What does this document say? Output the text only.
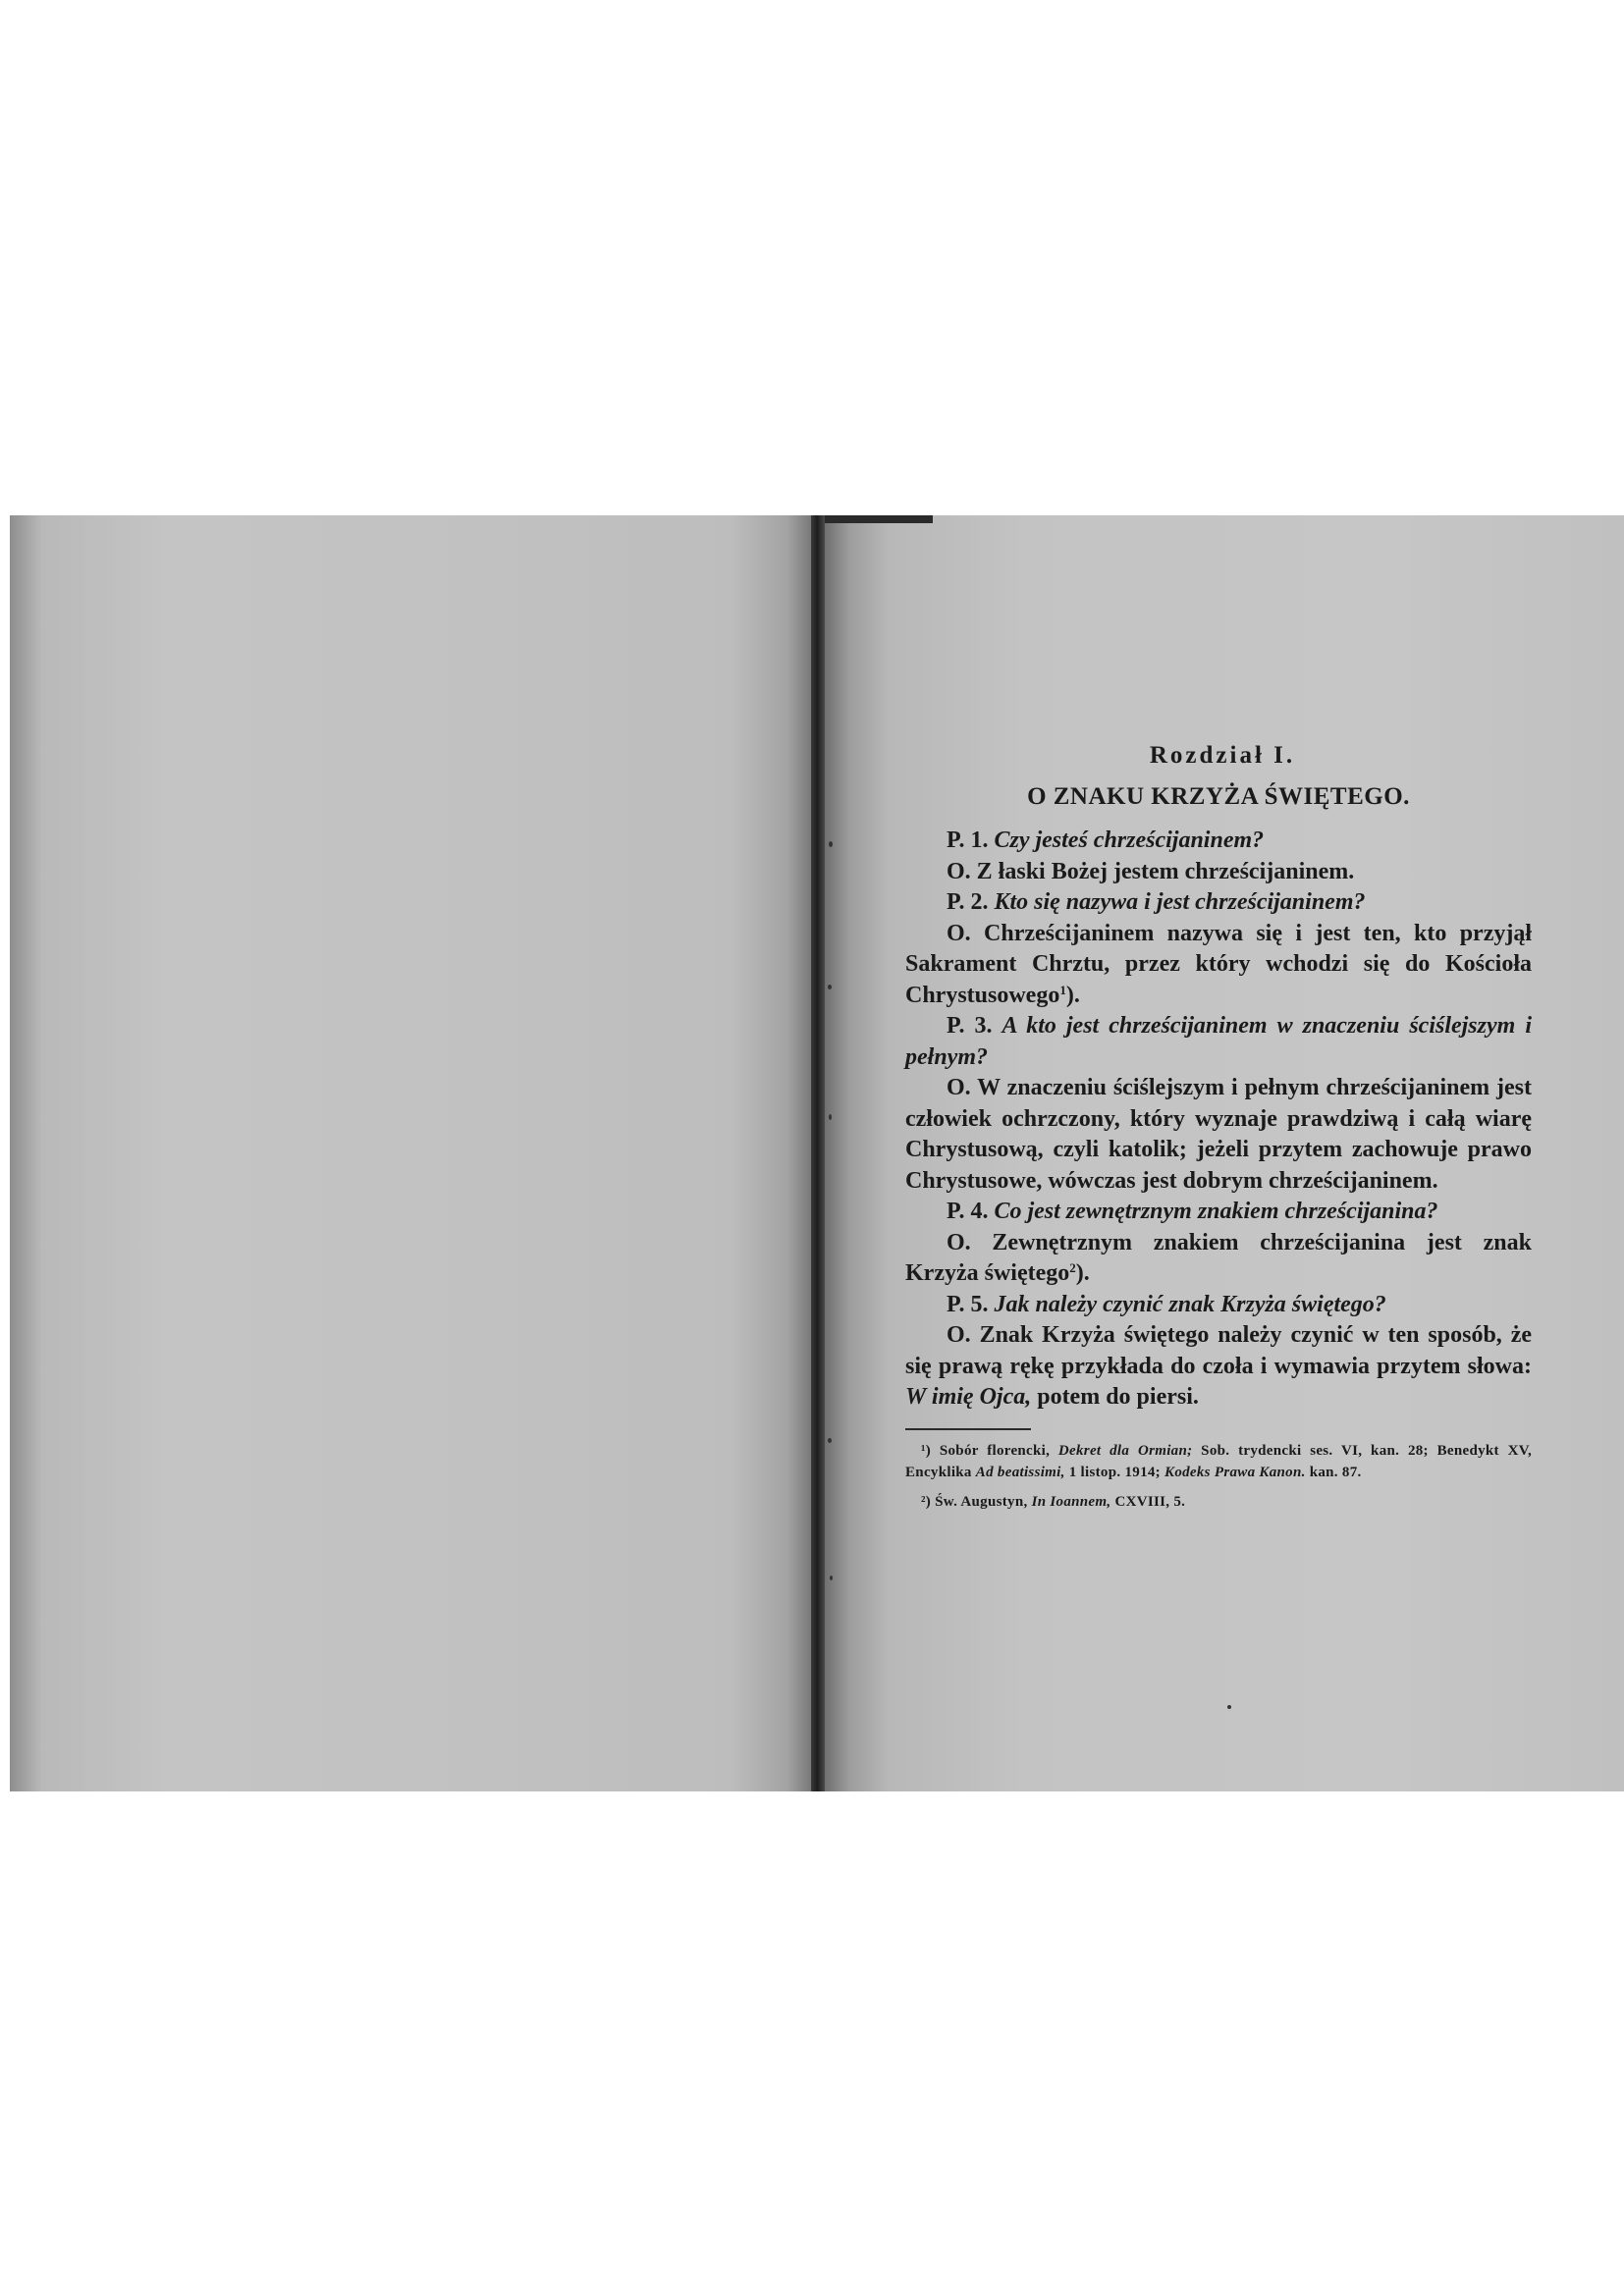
Rozdział I.
O ZNAKU KRZYŻA ŚWIĘTEGO.

P. 1. Czy jesteś chrześcijaninem?

O. Z łaski Bożej jestem chrześcijaninem.

P. 2. Kto się nazywa i jest chrześcijaninem?

O. Chrześcijaninem nazywa się i jest ten, kto przyjął Sakrament Chrztu, przez który wchodzi się do Kościoła Chrystusowego$^1$).

P. 3. A kto jest chrześcijaninem w znaczeniu ściślejszym i pełnym?

O. W znaczeniu ściślejszym i pełnym chrześcijaninem jest człowiek ochrzczony, który wyznaje prawdziwą i całą wiarę Chrystusową, czyli katolik; jeżeli przytem zachowuje prawo Chrystusowe, wówczas jest dobrym chrześcijaninem.

P. 4. Co jest zewnętrznym znakiem chrześcijanina?

O. Zewnętrznym znakiem chrześcijanina jest znak Krzyża świętego$^2$).

P. 5. Jak należy czynić znak Krzyża świętego?

O. Znak Krzyża świętego należy czynić w ten sposób, że się prawą rękę przykłada do czoła i wymawia przytem słowa: W imię Ojca, potem do piersi.

¹) Sobór florencki, Dekret dla Ormian; Sob. trydencki ses. VI, kan. 28; Benedykt XV, Encyklika Ad beatissimi, 1 listop. 1914; Kodeks Prawa Kanon. kan. 87.

²) Św. Augustyn, In Ioannem, CXVIII, 5.
